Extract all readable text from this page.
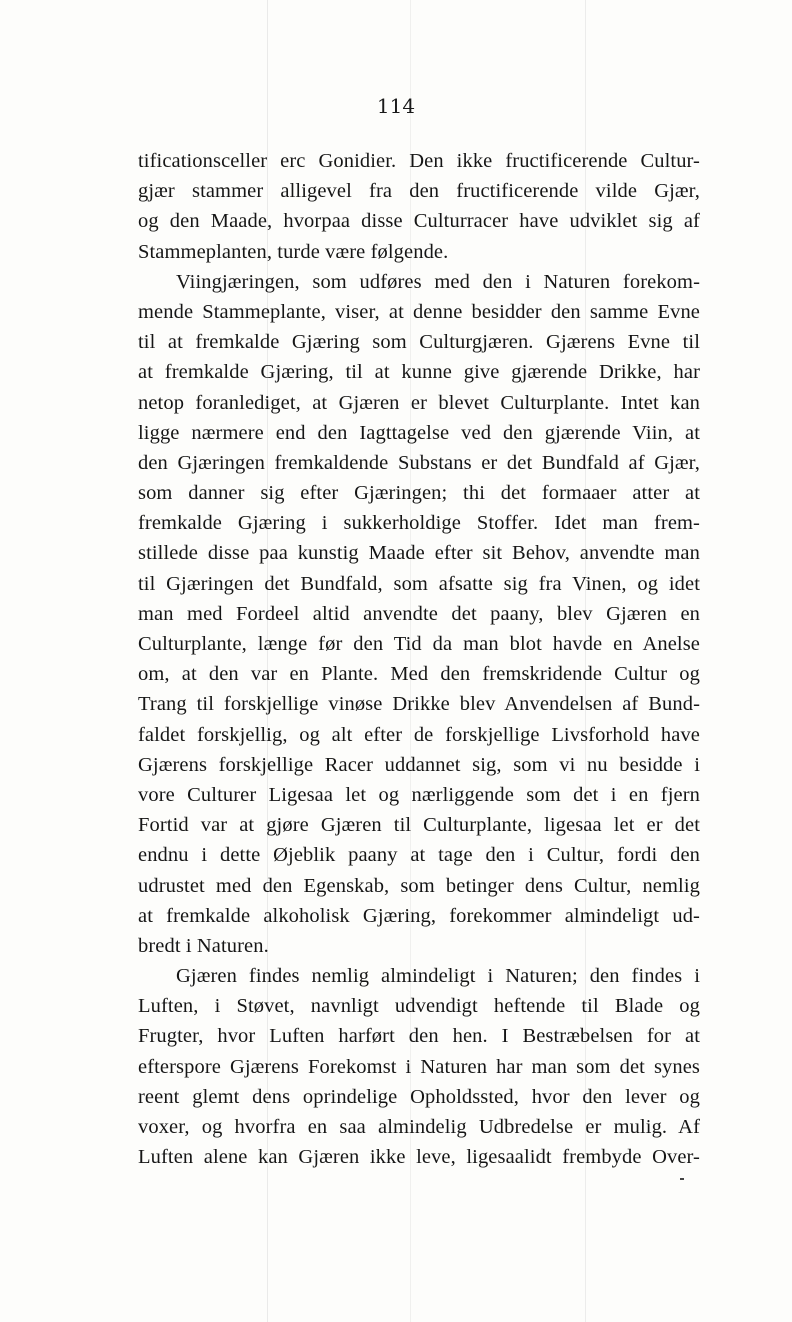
114

tificationsceller erc Gonidier. Den ikke fructificerende Cultur-
gjær stammer alligevel fra den fructificerende vilde Gjær,
og den Maade, hvorpaa disse Culturracer have udviklet sig af
Stammeplanten, turde være følgende.
Viingjæringen, som udføres med den i Naturen forekom-
mende Stammeplante, viser, at denne besidder den samme Evne
til at fremkalde Gjæring som Culturgjæren. Gjærens Evne til
at fremkalde Gjæring, til at kunne give gjærende Drikke, har
netop foranlediget, at Gjæren er blevet Culturplante. Intet kan
ligge nærmere end den Iagttagelse ved den gjærende Viin, at
den Gjæringen fremkaldende Substans er det Bundfald af Gjær,
som danner sig efter Gjæringen; thi det formaaer atter at
fremkalde Gjæring i sukkerholdige Stoffer. Idet man frem-
stillede disse paa kunstig Maade efter sit Behov, anvendte man
til Gjæringen det Bundfald, som afsatte sig fra Vinen, og idet
man med Fordeel altid anvendte det paany, blev Gjæren en
Culturplante, længe før den Tid da man blot havde en Anelse
om, at den var en Plante. Med den fremskridende Cultur og
Trang til forskjellige vinøse Drikke blev Anvendelsen af Bund-
faldet forskjellig, og alt efter de forskjellige Livsforhold have
Gjærens forskjellige Racer uddannet sig, som vi nu besidde i
vore Culturer Ligesaa let og nærliggende som det i en fjern
Fortid var at gjøre Gjæren til Culturplante, ligesaa let er det
endnu i dette Øjeblik paany at tage den i Cultur, fordi den
udrustet med den Egenskab, som betinger dens Cultur, nemlig
at fremkalde alkoholisk Gjæring, forekommer almindeligt ud-
bredt i Naturen.
Gjæren findes nemlig almindeligt i Naturen; den findes i
Luften, i Støvet, navnligt udvendigt heftende til Blade og
Frugter, hvor Luften harført den hen. I Bestræbelsen for at
efterspore Gjærens Forekomst i Naturen har man som det synes
reent glemt dens oprindelige Opholdssted, hvor den lever og
voxer, og hvorfra en saa almindelig Udbredelse er mulig. Af
Luften alene kan Gjæren ikke leve, ligesaalidt frembyde Over-
